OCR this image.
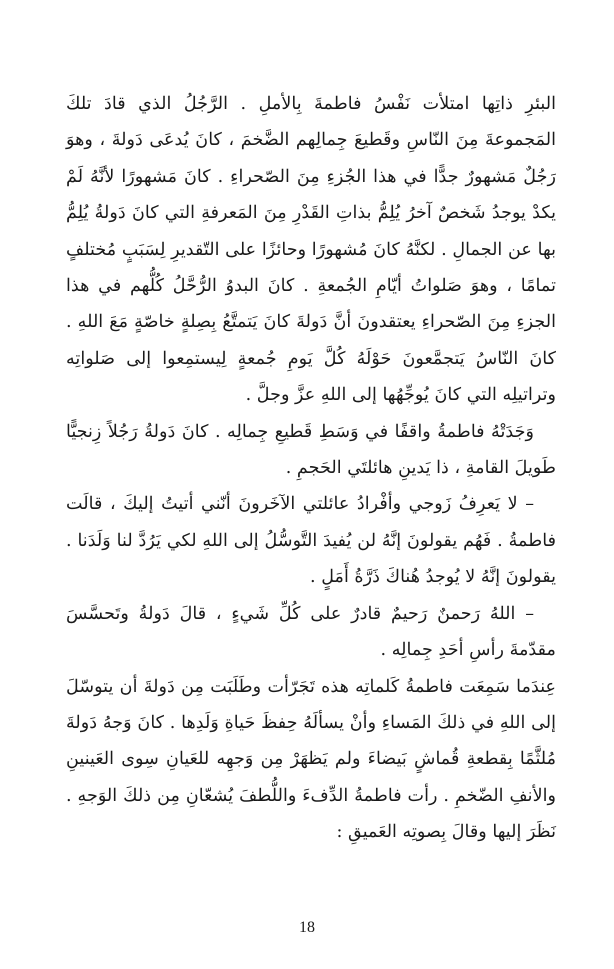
البئرِ ذاتِها امتلأت نَفْسُ فاطمةَ بِالأملِ . الرَّجُلُ الذي قادَ تلكَ المَجموعةَ مِنَ النّاسِ وقَطيعَ جِمالِهم الضَّخمَ ، كانَ يُدعَى دَولةَ ، وهوَ رَجُلٌ مَشهورٌ جدًّا في هذا الجُزءِ مِنَ الصّحراءِ . كانَ مَشهورًا لأنَّهُ لَمْ يكدْ يوجدُ شَخصٌ آخرُ يُلِمُّ بذاتِ القَدْرِ مِنَ المَعرفةِ التي كانَ دَولةُ يُلِمُّ بها عن الجمالِ . لكنَّهُ كانَ مُشهورًا وحائزًا على التّقديرِ لِسَبَبٍ مُختلفٍ تمامًا ، وهوَ صَلواتُ أيّامِ الجُمعةِ . كانَ البدوُ الرُّحَّلُ كُلُّهم في هذا الجزءِ مِنَ الصّحراءِ يعتقدونَ أنَّ دَولةَ كانَ يَتمتَّعُ بِصِلةٍ خاصّةٍ مَعَ اللهِ . كانَ النّاسُ يَتجمَّعونَ حَوْلَهُ كُلَّ يَومِ جُمعةٍ لِيستمِعوا إلى صَلواتِه وتراتيلِه التي كانَ يُوجِّهُها إلى اللهِ عزَّ وجلَّ .

وَجَدَتْهُ فاطمةُ واقفًا في وَسَطِ قَطيعِ جِمالِه . كانَ دَولةُ رَجُلاً زِنجيًّا طَويلَ القامةِ ، ذا يَدينِ هائلتَي الحَجمِ .

– لا يَعرِفُ زَوجي وأفْرادُ عائلتي الآخَرونَ أنّني أتيتُ إليكَ ، قالَت فاطمةُ . فَهُم يقولونَ إنَّهُ لن يُفيدَ التَّوسُّلُ إلى اللهِ لكي يَرُدَّ لنا وَلَدَنا . يقولونَ إنَّهُ لا يُوجدُ هُناكَ ذَرَّةُ أَمَلٍ .

– اللهُ رَحمنٌ رَحيمٌ قادرٌ على كُلِّ شَيءٍ ، قالَ دَولةُ وتَحسَّسَ مقدّمةَ رأسِ أحَدِ جِمالِه .

عِندَما سَمِعَت فاطمةُ كَلماتِه هذه تَجَرّأت وطَلَبَت مِن دَولةَ أن يتوسّلَ إلى اللهِ في ذلكَ المَساءِ وأنْ يسألَهُ حِفظَ حَياةِ وَلَدِها . كانَ وَجهُ دَولةَ مُلثَّمًا بِقطعةِ قُماشٍ بَيضاءَ ولم يَظهَرْ مِن وَجهِه للعَيانِ سِوى العَينينِ والأنفِ الضّخمِ . رأت فاطمةُ الدِّفءَ واللُّطفَ يُشعّانِ مِن ذلكَ الوَجهِ . نَظَرَ إليها وقالَ بِصوتِه العَميقِ :

18
